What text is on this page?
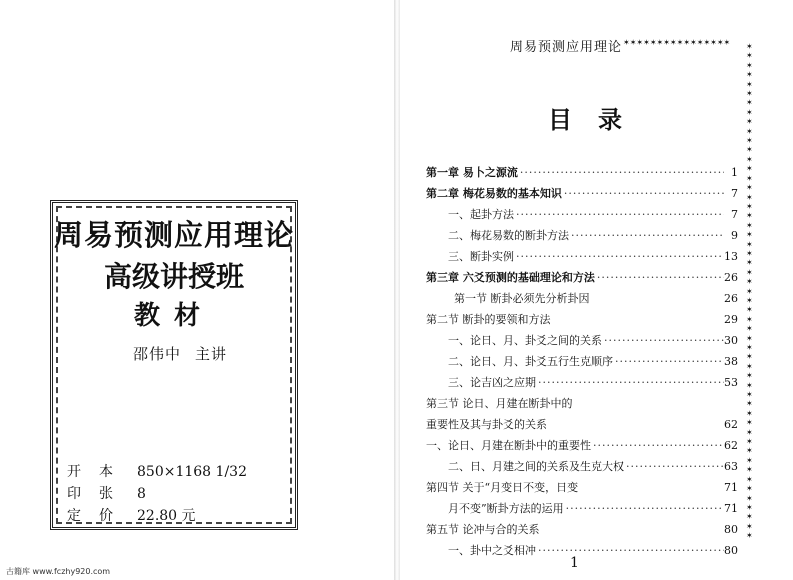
周易预测应用理论
高级讲授班
教材
邵伟中 主讲
开本 850×1168 1/32
印张 8
定价 22.80 元
古籍库 www.fczhy920.com
周易预测应用理论 ✶✶✶✶✶✶✶✶✶✶✶✶✶✶✶✶ ✶✶✶✶✶✶✶✶✶✶✶✶✶✶✶✶✶✶✶✶✶✶✶✶✶✶✶✶✶✶✶✶✶✶✶✶✶✶✶✶✶✶✶✶✶✶✶✶✶✶✶✶✶
目录
第一章 易卜之源流 ·····	1
第二章 梅花易数的基本知识 ·····	7
一、起卦方法 ·····	7
二、梅花易数的断卦方法 ·····	9
三、断卦实例 ·····	13
第三章 六爻预测的基础理论和方法 ·····	26
第一节 断卦必须先分析卦因	26
第二节 断卦的要领和方法	29
一、论日、月、卦爻之间的关系 ·····	30
二、论日、月、卦爻五行生克顺序 ·····	38
三、论吉凶之应期 ·····	53
第三节 论日、月建在断卦中的
重要性及其与卦爻的关系	62
一、论日、月建在断卦中的重要性 ·····	62
二、日、月建之间的关系及生克大权 ·····	63
第四节 关于“月变日不变，日变	71
月不变”断卦方法的运用 ·····	71
第五节 论冲与合的关系	80
一、卦中之爻相冲 ·····	80
1
